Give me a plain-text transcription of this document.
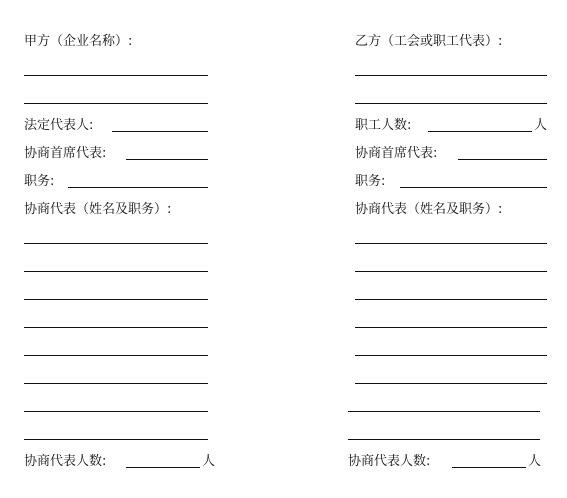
甲方（企业名称）:
法定代表人:
协商首席代表:
职务:
协商代表（姓名及职务）:
协商代表人数:	人
乙方（工会或职工代表）:
职工人数:	人
协商首席代表:
职务:
协商代表（姓名及职务）:
协商代表人数:	人
